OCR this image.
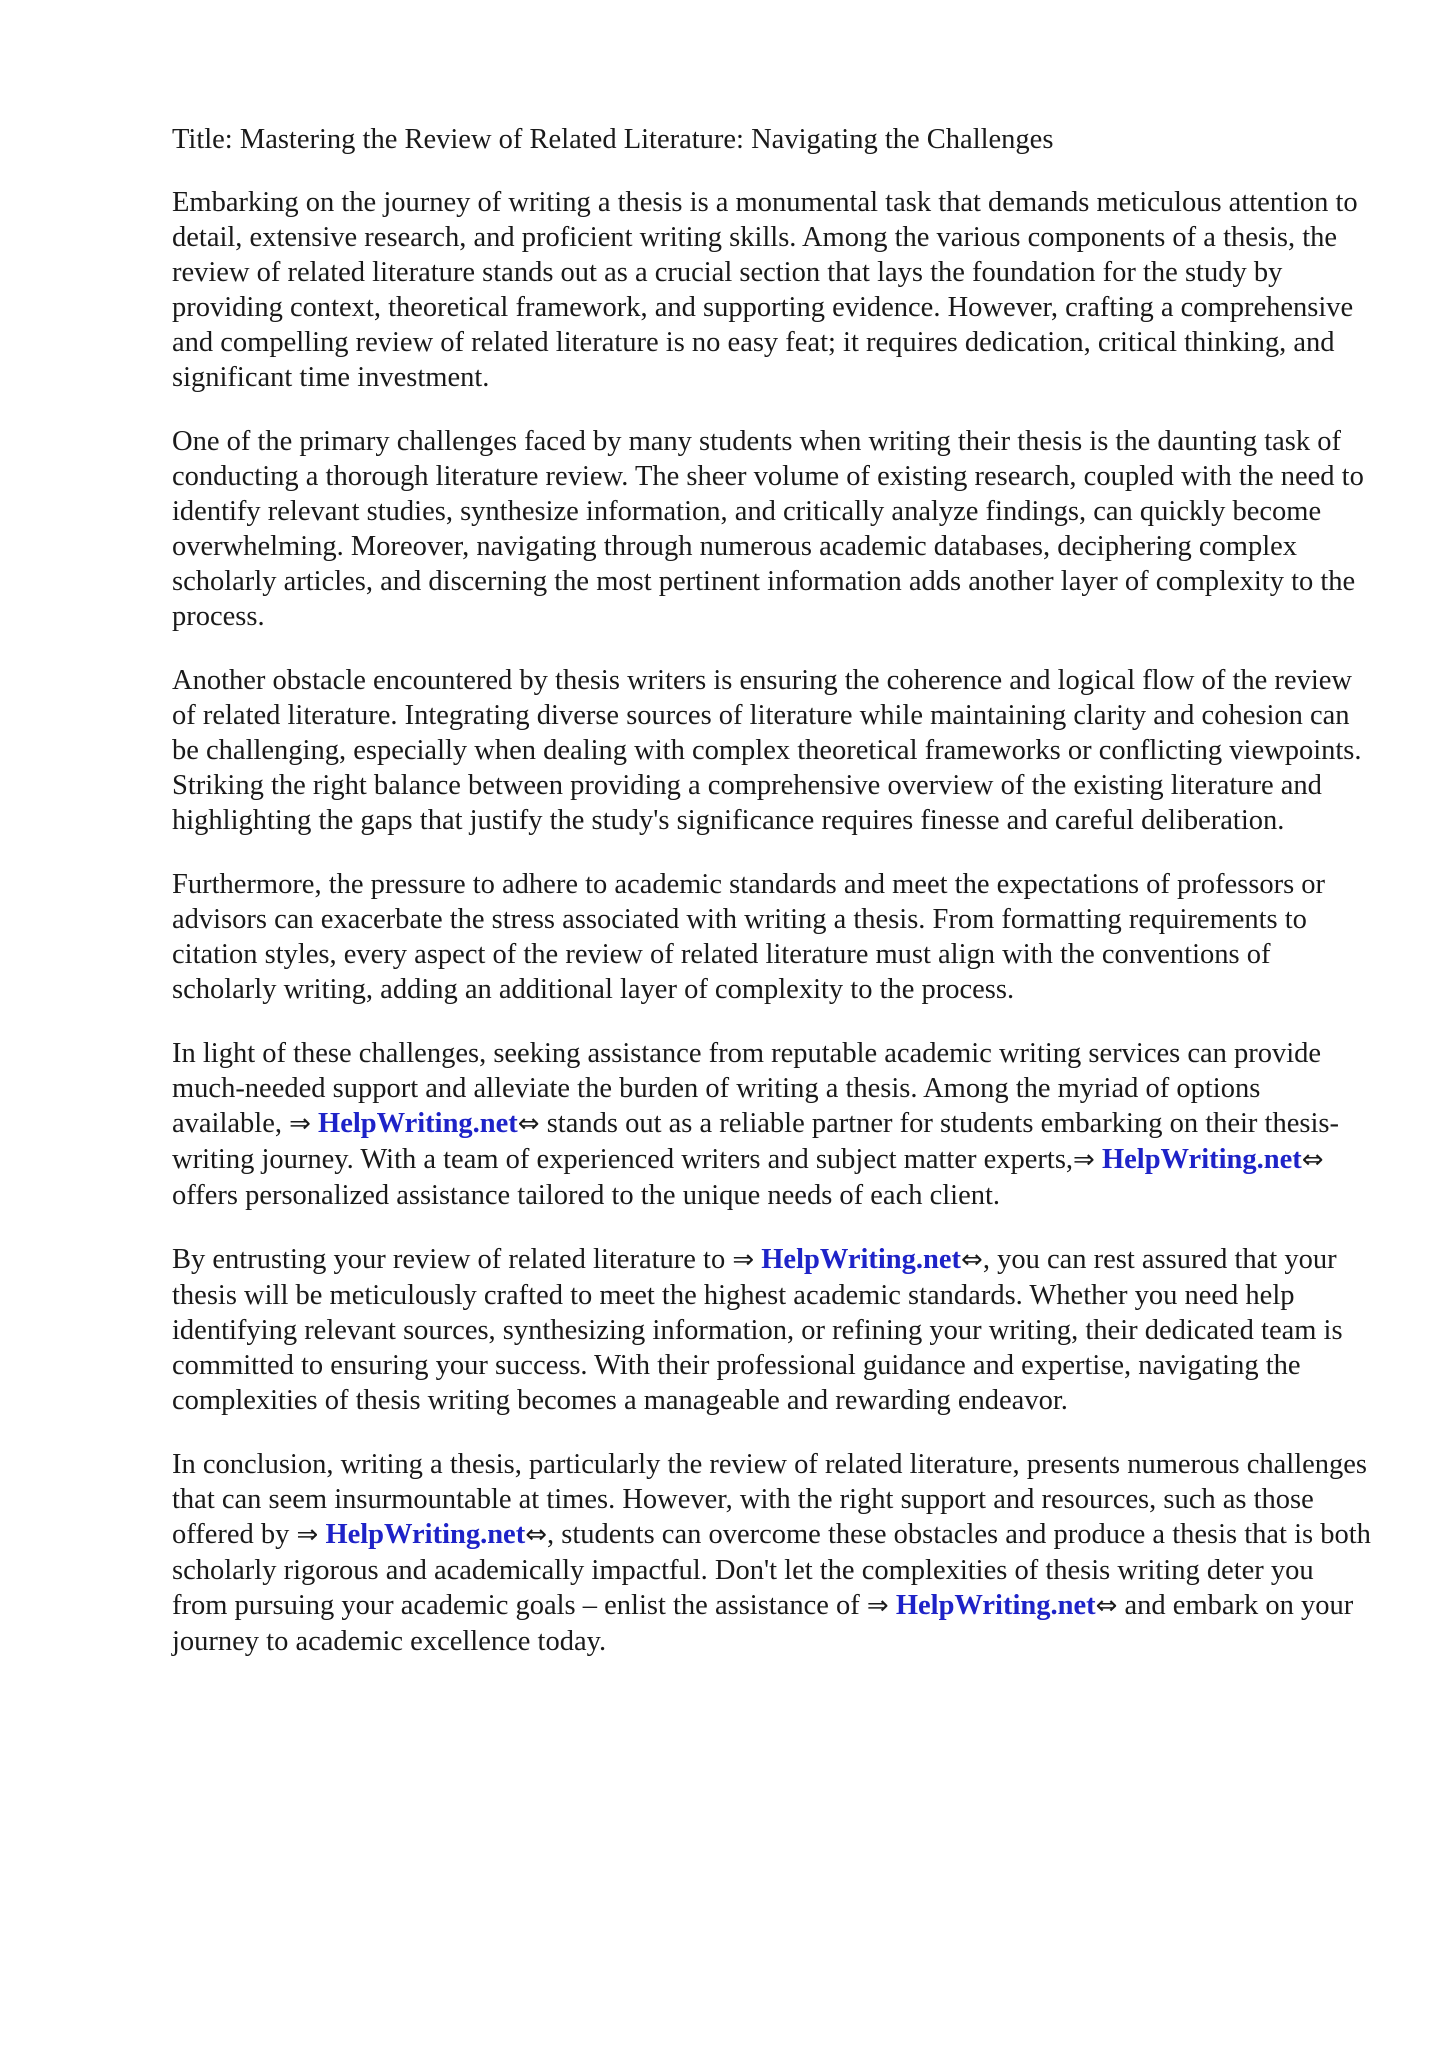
Title: Mastering the Review of Related Literature: Navigating the Challenges

Embarking on the journey of writing a thesis is a monumental task that demands meticulous attention to detail, extensive research, and proficient writing skills. Among the various components of a thesis, the review of related literature stands out as a crucial section that lays the foundation for the study by providing context, theoretical framework, and supporting evidence. However, crafting a comprehensive and compelling review of related literature is no easy feat; it requires dedication, critical thinking, and significant time investment.

One of the primary challenges faced by many students when writing their thesis is the daunting task of conducting a thorough literature review. The sheer volume of existing research, coupled with the need to identify relevant studies, synthesize information, and critically analyze findings, can quickly become overwhelming. Moreover, navigating through numerous academic databases, deciphering complex scholarly articles, and discerning the most pertinent information adds another layer of complexity to the process.

Another obstacle encountered by thesis writers is ensuring the coherence and logical flow of the review of related literature. Integrating diverse sources of literature while maintaining clarity and cohesion can be challenging, especially when dealing with complex theoretical frameworks or conflicting viewpoints. Striking the right balance between providing a comprehensive overview of the existing literature and highlighting the gaps that justify the study's significance requires finesse and careful deliberation.

Furthermore, the pressure to adhere to academic standards and meet the expectations of professors or advisors can exacerbate the stress associated with writing a thesis. From formatting requirements to citation styles, every aspect of the review of related literature must align with the conventions of scholarly writing, adding an additional layer of complexity to the process.

In light of these challenges, seeking assistance from reputable academic writing services can provide much-needed support and alleviate the burden of writing a thesis. Among the myriad of options available, ⇒ HelpWriting.net⇔ stands out as a reliable partner for students embarking on their thesis-writing journey. With a team of experienced writers and subject matter experts,⇒ HelpWriting.net⇔ offers personalized assistance tailored to the unique needs of each client.

By entrusting your review of related literature to ⇒ HelpWriting.net⇔, you can rest assured that your thesis will be meticulously crafted to meet the highest academic standards. Whether you need help identifying relevant sources, synthesizing information, or refining your writing, their dedicated team is committed to ensuring your success. With their professional guidance and expertise, navigating the complexities of thesis writing becomes a manageable and rewarding endeavor.

In conclusion, writing a thesis, particularly the review of related literature, presents numerous challenges that can seem insurmountable at times. However, with the right support and resources, such as those offered by ⇒ HelpWriting.net⇔, students can overcome these obstacles and produce a thesis that is both scholarly rigorous and academically impactful. Don't let the complexities of thesis writing deter you from pursuing your academic goals – enlist the assistance of ⇒ HelpWriting.net⇔ and embark on your journey to academic excellence today.
